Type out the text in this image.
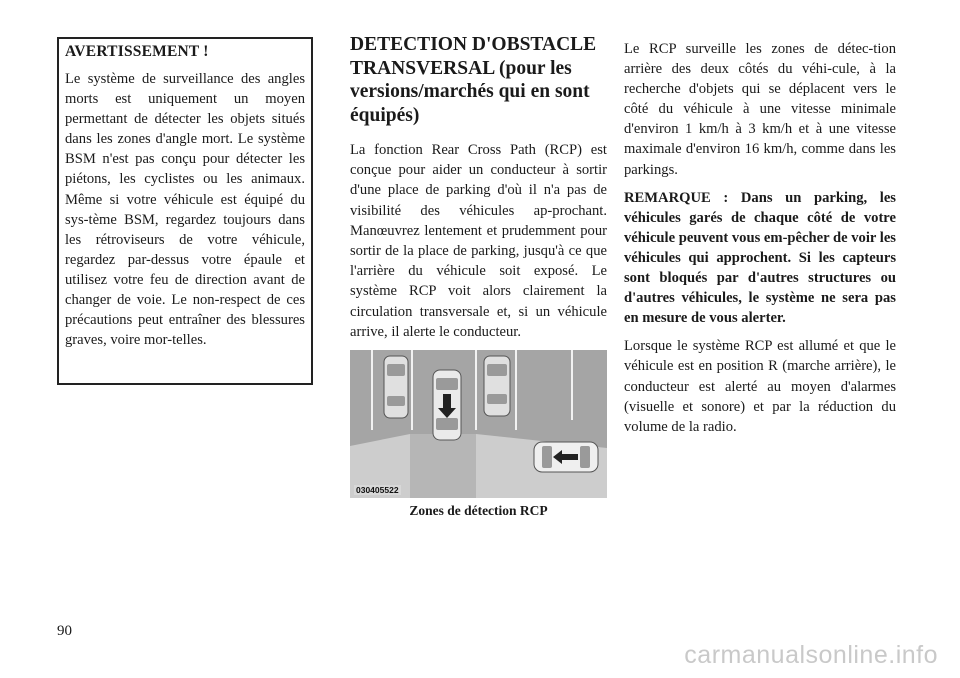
AVERTISSEMENT !

Le système de surveillance des angles morts est uniquement un moyen permettant de détecter les objets situés dans les zones d'angle mort. Le système BSM n'est pas conçu pour détecter les piétons, les cyclistes ou les animaux. Même si votre véhicule est équipé du sys-tème BSM, regardez toujours dans les rétroviseurs de votre véhicule, regardez par-dessus votre épaule et utilisez votre feu de direction avant de changer de voie. Le non-respect de ces précautions peut entraîner des blessures graves, voire mor-telles.

DETECTION D'OBSTACLE TRANSVERSAL (pour les versions/marchés qui en sont équipés)

La fonction Rear Cross Path (RCP) est conçue pour aider un conducteur à sortir d'une place de parking d'où il n'a pas de visibilité des véhicules ap-prochant. Manœuvrez lentement et prudemment pour sortir de la place de parking, jusqu'à ce que l'arrière du véhicule soit exposé. Le système RCP voit alors clairement la circulation transversale et, si un véhicule arrive, il alerte le conducteur.

030405522
Zones de détection RCP

Le RCP surveille les zones de détec-tion arrière des deux côtés du véhi-cule, à la recherche d'objets qui se déplacent vers le côté du véhicule à une vitesse minimale d'environ 1 km/h à 3 km/h et à une vitesse maximale d'environ 16 km/h, comme dans les parkings.

REMARQUE : Dans un parking, les véhicules garés de chaque côté de votre véhicule peuvent vous em-pêcher de voir les véhicules qui approchent. Si les capteurs sont bloqués par d'autres structures ou d'autres véhicules, le système ne sera pas en mesure de vous alerter.

Lorsque le système RCP est allumé et que le véhicule est en position R (marche arrière), le conducteur est alerté au moyen d'alarmes (visuelle et sonore) et par la réduction du volume de la radio.

90
carmanualsonline.info
